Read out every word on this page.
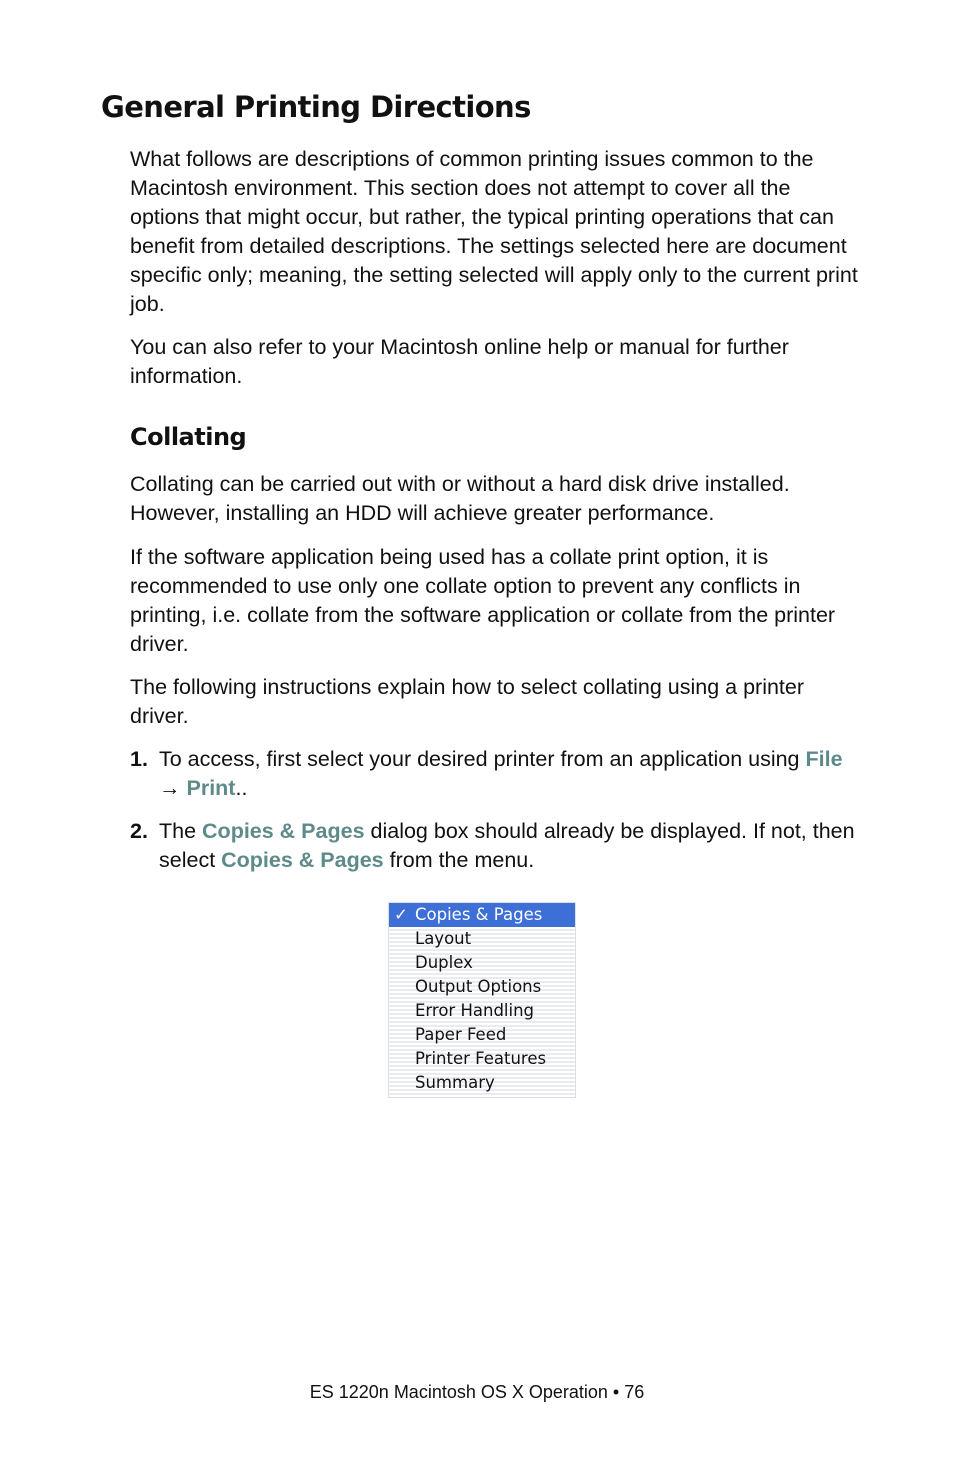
General Printing Directions

What follows are descriptions of common printing issues common to the Macintosh environment. This section does not attempt to cover all the options that might occur, but rather, the typical printing operations that can benefit from detailed descriptions. The settings selected here are document specific only; meaning, the setting selected will apply only to the current print job.

You can also refer to your Macintosh online help or manual for further information.

Collating

Collating can be carried out with or without a hard disk drive installed. However, installing an HDD will achieve greater performance.

If the software application being used has a collate print option, it is recommended to use only one collate option to prevent any conflicts in printing, i.e. collate from the software application or collate from the printer driver.

The following instructions explain how to select collating using a printer driver.

1. To access, first select your desired printer from an application using File → Print..
2. The Copies & Pages dialog box should already be displayed. If not, then select Copies & Pages from the menu.
✓ Copies & Pages
Layout
Duplex
Output Options
Error Handling
Paper Feed
Printer Features
Summary
ES 1220n Macintosh OS X Operation • 76
